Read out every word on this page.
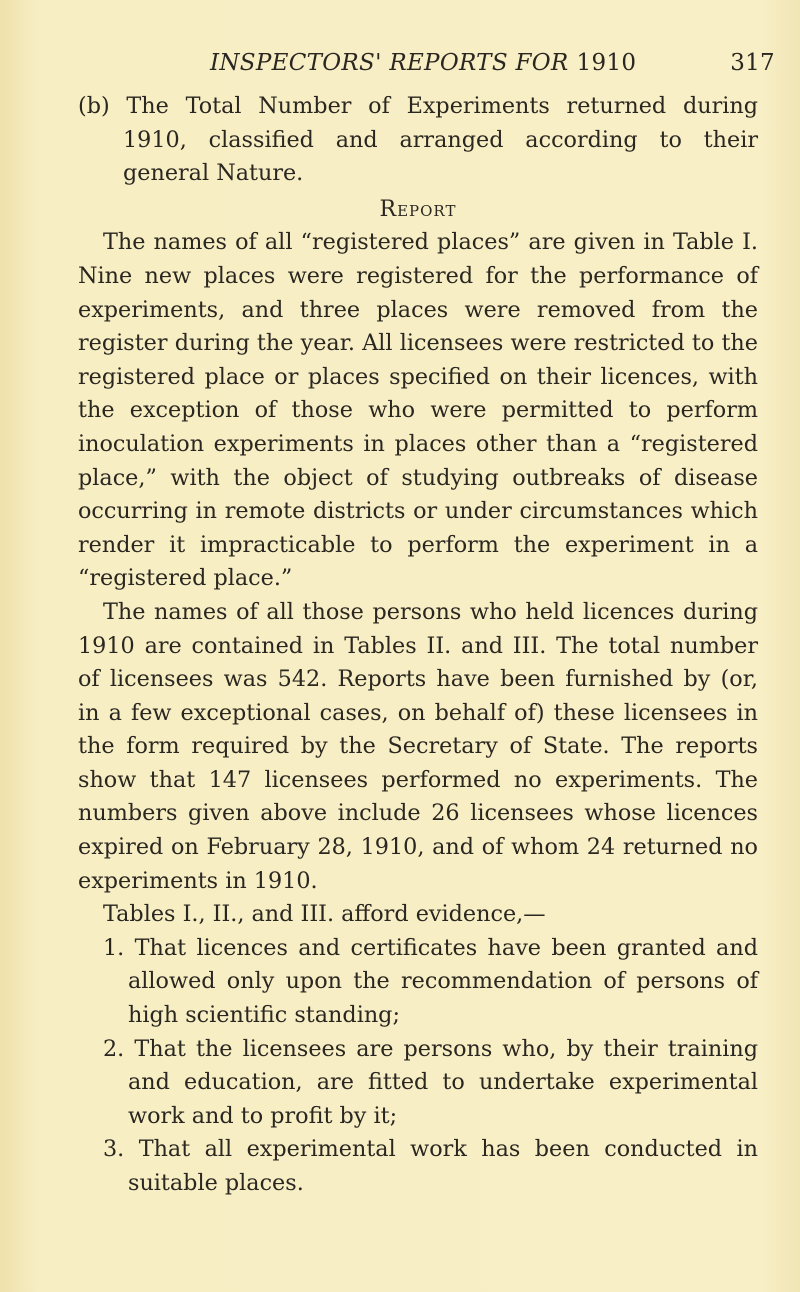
INSPECTORS' REPORTS FOR 1910	317

(b) The Total Number of Experiments returned during 1910, classified and arranged according to their general Nature.

Report

The names of all “registered places” are given in Table I. Nine new places were registered for the performance of experiments, and three places were removed from the register during the year. All licensees were restricted to the registered place or places specified on their licences, with the exception of those who were permitted to perform inoculation experiments in places other than a “registered place,” with the object of studying outbreaks of disease occurring in remote districts or under circumstances which render it impracticable to perform the experiment in a “registered place.”

The names of all those persons who held licences during 1910 are contained in Tables II. and III. The total number of licensees was 542. Reports have been furnished by (or, in a few exceptional cases, on behalf of) these licensees in the form required by the Secretary of State. The reports show that 147 licensees performed no experiments. The numbers given above include 26 licensees whose licences expired on February 28, 1910, and of whom 24 returned no experiments in 1910.

Tables I., II., and III. afford evidence,—

1. That licences and certificates have been granted and allowed only upon the recommendation of persons of high scientific standing;

2. That the licensees are persons who, by their training and education, are fitted to undertake experimental work and to profit by it;

3. That all experimental work has been conducted in suitable places.
